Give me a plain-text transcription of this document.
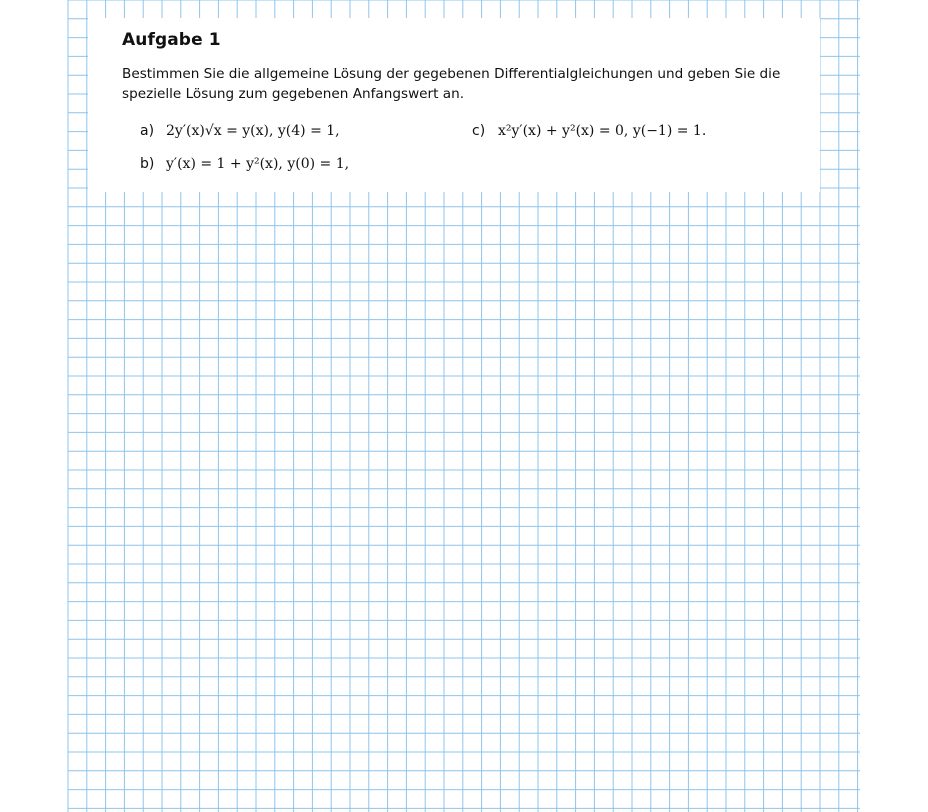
Aufgabe 1

Bestimmen Sie die allgemeine Lösung der gegebenen Differentialgleichungen und geben Sie die spezielle Lösung zum gegebenen Anfangswert an.

a) 2y′(x)√x = y(x), y(4) = 1,
b) y′(x) = 1 + y²(x), y(0) = 1,
c) x²y′(x) + y²(x) = 0, y(−1) = 1.
